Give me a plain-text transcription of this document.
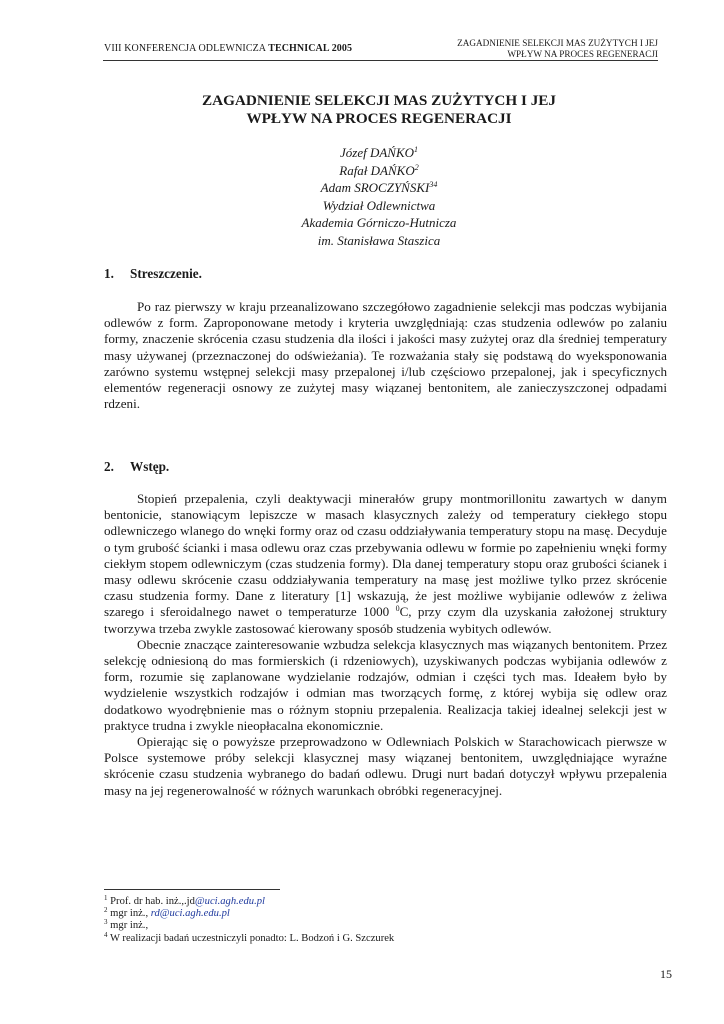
VIII KONFERENCJA ODLEWNICZA TECHNICAL 2005	ZAGADNIENIE SELEKCJI MAS ZUŻYTYCH I JEJ
WPŁYW NA PROCES REGENERACJI
ZAGADNIENIE SELEKCJI MAS ZUŻYTYCH I JEJ
WPŁYW NA PROCES REGENERACJI
Józef DAŃKO$^1$
Rafał DAŃKO$^2$
Adam SROCZYŃSKI$^{34}$
Wydział Odlewnictwa
Akademia Górniczo-Hutnicza
im. Stanisława Staszica
1. Streszczenie.

Po raz pierwszy w kraju przeanalizowano szczegółowo zagadnienie selekcji mas podczas wybijania odlewów z form. Zaproponowane metody i kryteria uwzględniają: czas studzenia odlewów po zalaniu formy, znaczenie skrócenia czasu studzenia dla ilości i jakości masy zużytej oraz dla średniej temperatury masy używanej (przeznaczonej do odświeżania). Te rozważania stały się podstawą do wyeksponowania zarówno systemu wstępnej selekcji masy przepalonej i/lub częściowo przepalonej, jak i specyficznych elementów regeneracji osnowy ze zużytej masy wiązanej bentonitem, ale zanieczyszczonej odpadami rdzeni.

2. Wstęp.

Stopień przepalenia, czyli deaktywacji minerałów grupy montmorillonitu zawartych w danym bentonicie, stanowiącym lepiszcze w masach klasycznych zależy od temperatury ciekłego stopu odlewniczego wlanego do wnęki formy oraz od czasu oddziaływania temperatury stopu na masę. Decyduje o tym grubość ścianki i masa odlewu oraz czas przebywania odlewu w formie po zapełnieniu wnęki formy ciekłym stopem odlewniczym (czas studzenia formy). Dla danej temperatury stopu oraz grubości ścianek i masy odlewu skrócenie czasu oddziaływania temperatury na masę jest możliwe tylko przez skrócenie czasu studzenia formy. Dane z literatury [1] wskazują, że jest możliwe wybijanie odlewów z żeliwa szarego i sferoidalnego nawet o temperaturze 1000 $^0$C, przy czym dla uzyskania założonej struktury tworzywa trzeba zwykle zastosować kierowany sposób studzenia wybitych odlewów.

Obecnie znaczące zainteresowanie wzbudza selekcja klasycznych mas wiązanych bentonitem. Przez selekcję odniesioną do mas formierskich (i rdzeniowych), uzyskiwanych podczas wybijania odlewów z form, rozumie się zaplanowane wydzielanie rodzajów, odmian i części tych mas. Ideałem było by wydzielenie wszystkich rodzajów i odmian mas tworzących formę, z której wybija się odlew oraz dodatkowo wyodrębnienie mas o różnym stopniu przepalenia. Realizacja takiej idealnej selekcji jest w praktyce trudna i zwykle nieopłacalna ekonomicznie.

Opierając się o powyższe przeprowadzono w Odlewniach Polskich w Starachowicach pierwsze w Polsce systemowe próby selekcji klasycznej masy wiązanej bentonitem, uwzględniające wyraźne skrócenie czasu studzenia wybranego do badań odlewu. Drugi nurt badań dotyczył wpływu przepalenia masy na jej regenerowalność w różnych warunkach obróbki regeneracyjnej.

$^1$ Prof. dr hab. inż.,.jd@uci.agh.edu.pl
$^2$ mgr inż., rd@uci.agh.edu.pl
$^3$ mgr inż.,
$^4$ W realizacji badań uczestniczyli ponadto: L. Bodzoń i G. Szczurek
15
